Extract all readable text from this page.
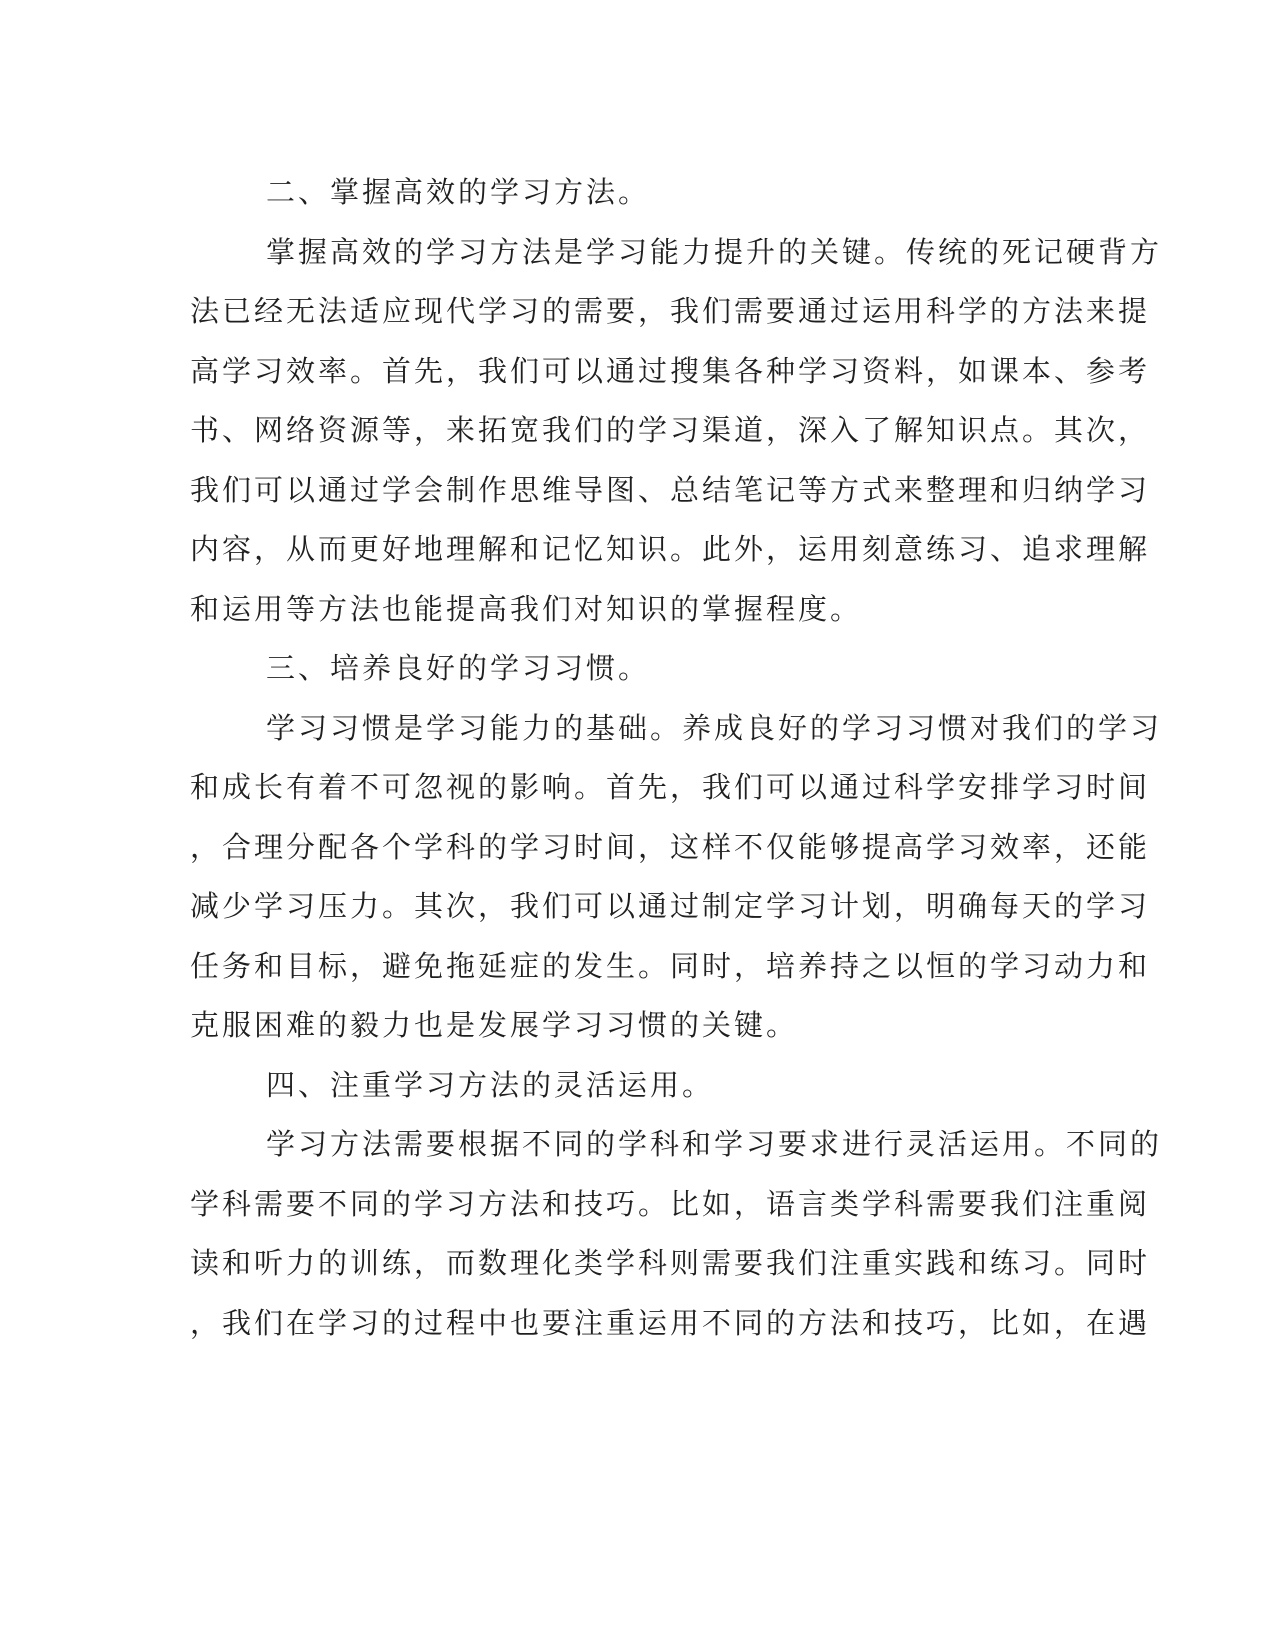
二、掌握高效的学习方法。
掌握高效的学习方法是学习能力提升的关键。传统的死记硬背方
法已经无法适应现代学习的需要，我们需要通过运用科学的方法来提
高学习效率。首先，我们可以通过搜集各种学习资料，如课本、参考
书、网络资源等，来拓宽我们的学习渠道，深入了解知识点。其次，
我们可以通过学会制作思维导图、总结笔记等方式来整理和归纳学习
内容，从而更好地理解和记忆知识。此外，运用刻意练习、追求理解
和运用等方法也能提高我们对知识的掌握程度。
三、培养良好的学习习惯。
学习习惯是学习能力的基础。养成良好的学习习惯对我们的学习
和成长有着不可忽视的影响。首先，我们可以通过科学安排学习时间
，合理分配各个学科的学习时间，这样不仅能够提高学习效率，还能
减少学习压力。其次，我们可以通过制定学习计划，明确每天的学习
任务和目标，避免拖延症的发生。同时，培养持之以恒的学习动力和
克服困难的毅力也是发展学习习惯的关键。
四、注重学习方法的灵活运用。
学习方法需要根据不同的学科和学习要求进行灵活运用。不同的
学科需要不同的学习方法和技巧。比如，语言类学科需要我们注重阅
读和听力的训练，而数理化类学科则需要我们注重实践和练习。同时
，我们在学习的过程中也要注重运用不同的方法和技巧，比如，在遇
